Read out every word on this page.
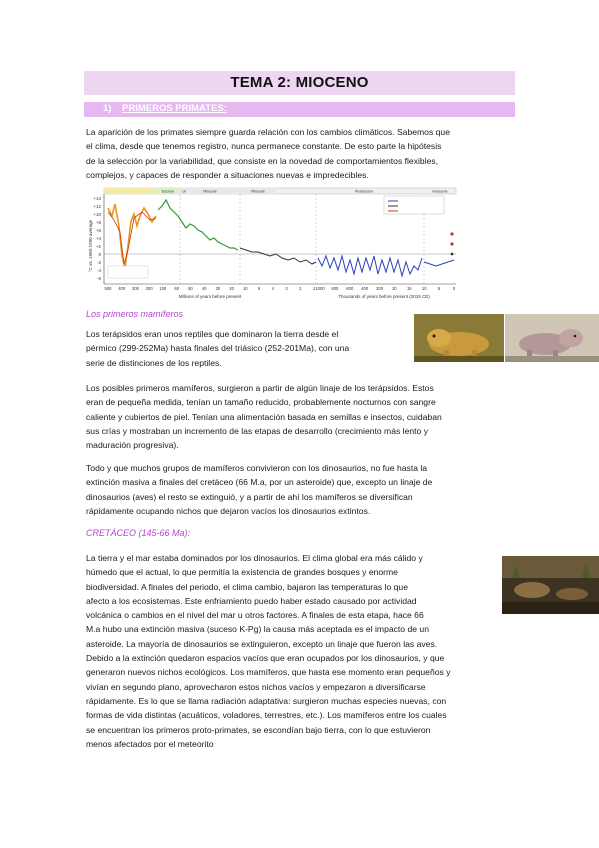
TEMA 2: MIOCENO
1) PRIMEROS PRIMATES:
La aparición de los primates siempre guarda relación con los cambios climáticos. Sabemos que
el clima, desde que tenemos registro, nunca permanece constante. De esto parte la hipótesis
de la selección por la variabilidad, que consiste en la novedad de comportamientos flexibles,
complejos, y capaces de responder a situaciones nuevas e impredecibles.
+14
+12
+10
+8
+6
+4
+2
0
-2
-4
-6
°C vs. 1960-1990 average
Millions of years before present	Thousands of years before present (2015 CE)
500 400 300 200 100 60 50 40 30 20 10 5	4	3	2	1 1000 800 600 400 200 20 15 10	5	0
Eocene Ol	Miocene	Pliocene	Pleistocene	Holocene
Los primeros mamíferos
Los terápsidos eran unos reptiles que dominaron la tierra desde el
pérmico (299-252Ma) hasta finales del triásico (252-201Ma), con una
serie de distinciones de los reptiles.
Los posibles primeros mamíferos, surgieron a partir de algún linaje de los terápsidos. Estos
eran de pequeña medida, tenían un tamaño reducido, probablemente nocturnos con sangre
caliente y cubiertos de piel. Tenían una alimentación basada en semillas e insectos, cuidaban
sus crías y mostraban un incremento de las etapas de desarrollo (crecimiento más lento y
maduración progresiva).
Todo y que muchos grupos de mamíferos convivieron con los dinosaurios, no fue hasta la
extinción masiva a finales del cretáceo (66 M.a, por un asteroide) que, excepto un linaje de
dinosaurios (aves) el resto se extinguió, y a partir de ahí los mamíferos se diversifican
rápidamente ocupando nichos que dejaron vacíos los dinosaurios extintos.
CRETÁCEO (145-66 Ma):
La tierra y el mar estaba dominados por los dinosaurios. El clima global era más cálido y
húmedo que el actual, lo que permitía la existencia de grandes bosques y enorme
biodiversidad. A finales del periodo, el clima cambio, bajaron las temperaturas lo que
afecto a los ecosistemas. Este enfriamiento puedo haber estado causado por actividad
volcánica o cambios en el nivel del mar u otros factores. A finales de esta etapa, hace 66
M.a hubo una extinción masiva (suceso K-Pg) la causa más aceptada es el impacto de un
asteroide. La mayoría de dinosaurios se extinguieron, excepto un linaje que fueron las aves.
Debido a la extinción quedaron espacios vacíos que eran ocupados por los dinosaurios, y que
generaron nuevos nichos ecológicos. Los mamíferos, que hasta ese momento eran pequeños y
vivían en segundo plano, aprovecharon estos nichos vacíos y empezaron a diversificarse
rápidamente. Es lo que se llama radiación adaptativa: surgieron muchas especies nuevas, con
formas de vida distintas (acuáticos, voladores, terrestres, etc.). Los mamíferos entre los cuales
se encuentran los primeros proto-primates, se escondían bajo tierra, con lo que estuvieron
menos afectados por el meteorito
